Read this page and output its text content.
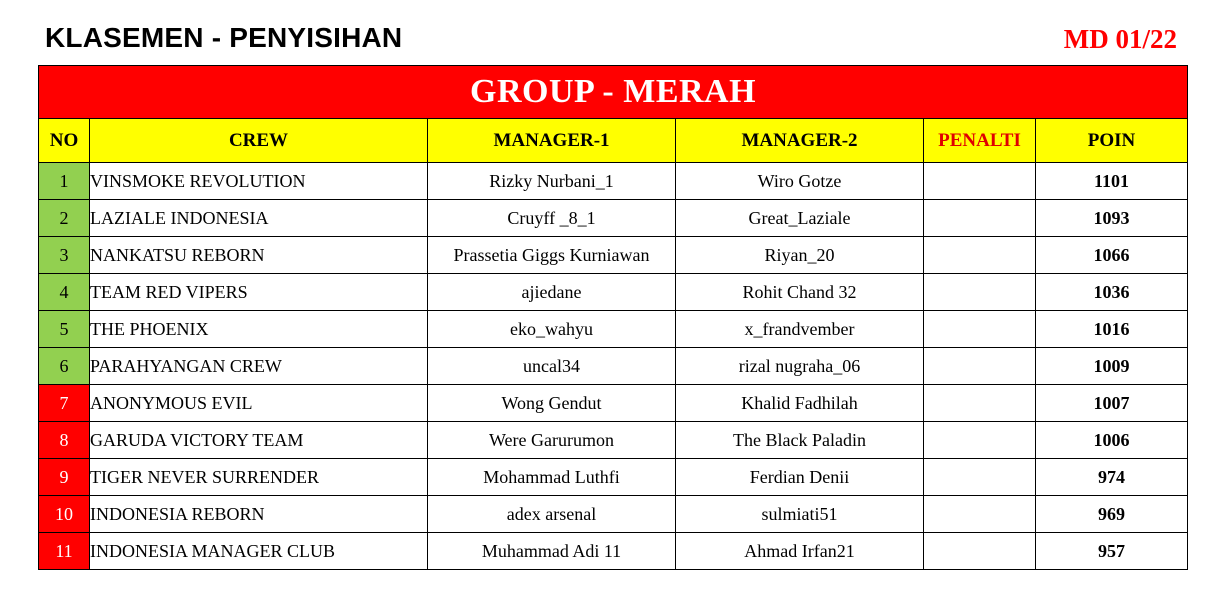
KLASEMEN - PENYISIHAN	MD 01/22
GROUP - MERAH					
NO	CREW	MANAGER-1	MANAGER-2	PENALTI	POIN
1	VINSMOKE REVOLUTION	Rizky Nurbani_1	Wiro Gotze		1101
2	LAZIALE INDONESIA	Cruyff _8_1	Great_Laziale		1093
3	NANKATSU REBORN	Prassetia Giggs Kurniawan	Riyan_20		1066
4	TEAM RED VIPERS	ajiedane	Rohit Chand 32		1036
5	THE PHOENIX	eko_wahyu	x_frandvember		1016
6	PARAHYANGAN CREW	uncal34	rizal nugraha_06		1009
7	ANONYMOUS EVIL	Wong Gendut	Khalid Fadhilah		1007
8	GARUDA VICTORY TEAM	Were Garurumon	The Black Paladin		1006
9	TIGER NEVER SURRENDER	Mohammad Luthfi	Ferdian Denii		974
10	INDONESIA REBORN	adex arsenal	sulmiati51		969
11	INDONESIA MANAGER CLUB	Muhammad Adi 11	Ahmad Irfan21		957
